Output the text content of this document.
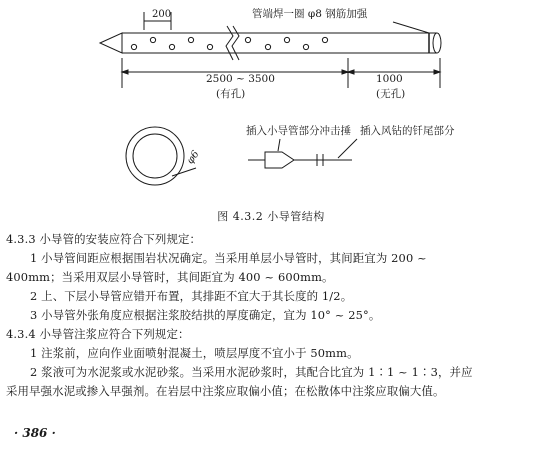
200	管端焊一圈 φ8 钢筋加强
2500 ~ 3500
(有孔)
1000
(无孔)
φ6
插入小导管部分冲击捶 插入风钻的钎尾部分
图 4.3.2 小导管结构
4.3.3 小导管的安装应符合下列规定：
1 小导管间距应根据围岩状况确定。当采用单层小导管时，其间距宜为 200 ~
400mm；当采用双层小导管时，其间距宜为 400 ~ 600mm。
2 上、下层小导管应错开布置，其排距不宜大于其长度的 1/2。
3 小导管外张角度应根据注浆胶结拱的厚度确定，宜为 10° ~ 25°。
4.3.4 小导管注浆应符合下列规定：
1 注浆前，应向作业面喷射混凝土，喷层厚度不宜小于 50mm。
2 浆液可为水泥浆或水泥砂浆。当采用水泥砂浆时，其配合比宜为 1∶1 ~ 1∶3，并应
采用早强水泥或掺入早强剂。在岩层中注浆应取偏小值；在松散体中注浆应取偏大值。
· 386 ·
